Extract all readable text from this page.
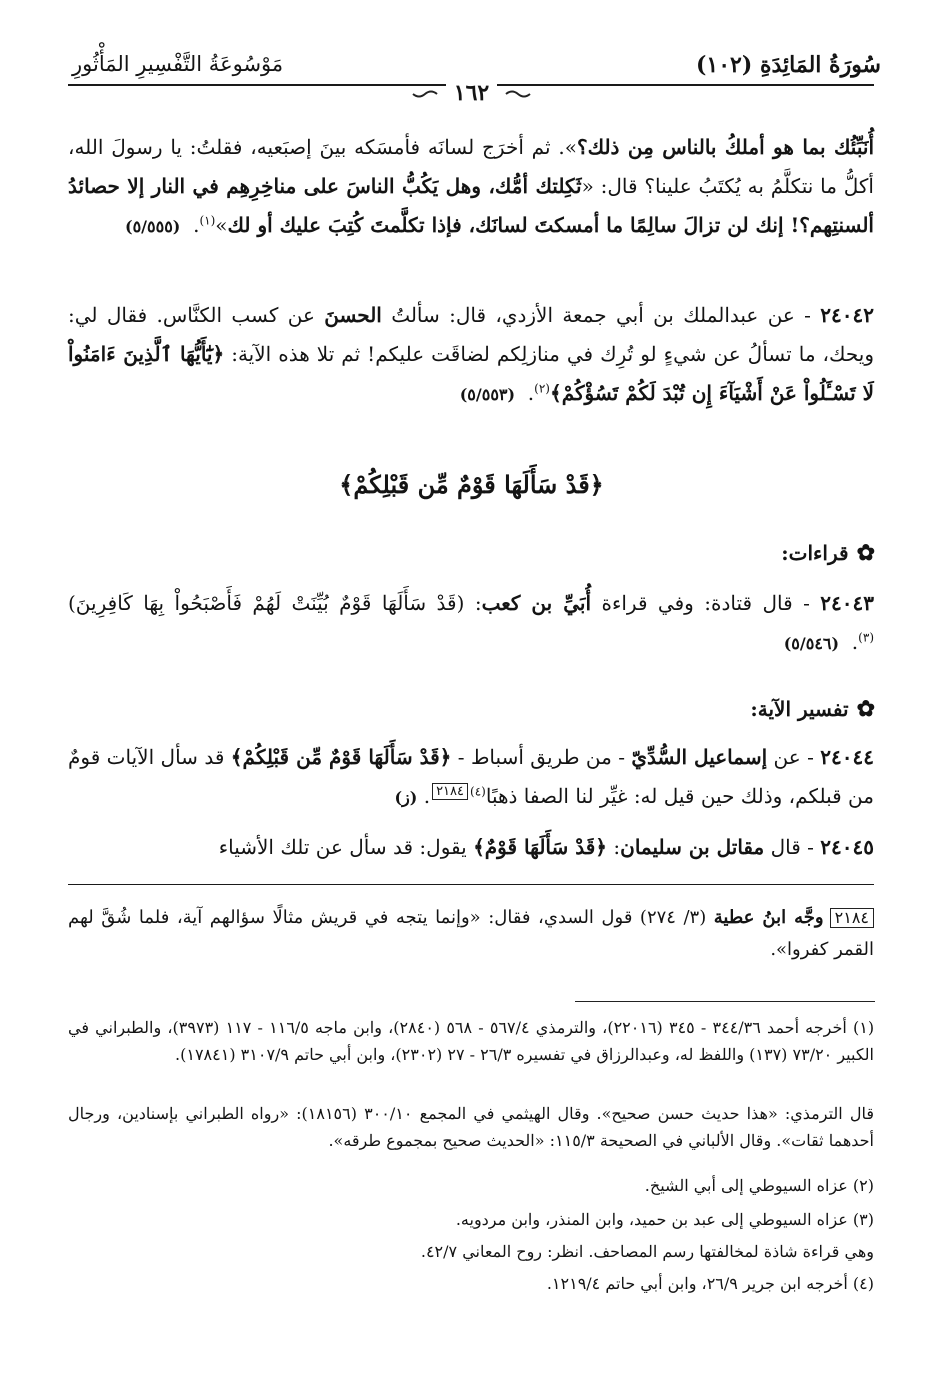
سُورَةُ المَائِدَةِ (١٠٢)
مَوْسُوعَةُ التَّفْسِيرِ المَأْثُورِ
١٦٢
أُنَبِّئُك بما هو أملكُ بالناس مِن ذلك؟». ثم أخرَج لسانَه فأمسَكه بينَ إصبَعيه، فقلتُ: يا رسولَ الله، أكلُّ ما نتكلَّمُ به يُكتَبُ علينا؟ قال: «ثَكِلتك أمُّك، وهل يَكُبُّ الناسَ على مناخِرِهِم في النار إلا حصائدُ ألسنتِهم؟! إنك لن تزالَ سالِمًا ما أمسكتَ لسانَك، فإذا تكلَّمتَ كُتِبَ عليك أو لك»$^{(١)}$.  (٥/٥٥٥)
٢٤٠٤٢ - عن عبدالملك بن أبي جمعة الأزدي، قال: سألتُ الحسنَ عن كسب الكنَّاس. فقال لي: ويحك، ما تسألُ عن شيءٍ لو تُرِك في منازلِكم لضاقَت عليكم! ثم تلا هذه الآية: ﴿يَٰٓأَيُّهَا ٱلَّذِينَ ءَامَنُواْ لَا تَسْـَٔلُواْ عَنْ أَشْيَآءَ إِن تُبْدَ لَكُمْ تَسُؤْكُمْ﴾$^{(٢)}$.  (٥/٥٥٣)
﴿قَدْ سَأَلَهَا قَوْمٌ مِّن قَبْلِكُمْ﴾
✿قراءات:
٢٤٠٤٣ - قال قتادة: وفي قراءة أُبَيِّ بن كعب: (قَدْ سَأَلَهَا قَوْمٌ بُيِّنَتْ لَهُمْ فَأَصْبَحُواْ بِهَا كَافِرِينَ)$^{(٣)}$.  (٥/٥٤٦)
✿تفسير الآية:
٢٤٠٤٤ - عن إسماعيل السُّدِّيّ - من طريق أسباط - ﴿قَدْ سَأَلَهَا قَوْمٌ مِّن قَبْلِكُمْ﴾ قد سأل الآيات قومٌ من قبلكم، وذلك حين قيل له: غيِّر لنا الصفا ذهبًا$^{(٤)}$٢١٨٤. (ز)
٢٤٠٤٥ - قال مقاتل بن سليمان: ﴿قَدْ سَأَلَهَا قَوْمٌ﴾ يقول: قد سأل عن تلك الأشياء
٢١٨٤وجَّه ابنُ عطية (٣/ ٢٧٤) قول السدي، فقال: «وإنما يتجه في قريش مثالًا سؤالهم آية، فلما شُقَّ لهم القمر كفروا».
(١) أخرجه أحمد ٣٤٤/٣٦ - ٣٤٥ (٢٢٠١٦)، والترمذي ٥٦٧/٤ - ٥٦٨ (٢٨٤٠)، وابن ماجه ١١٦/٥ - ١١٧ (٣٩٧٣)، والطبراني في الكبير ٧٣/٢٠ (١٣٧) واللفظ له، وعبدالرزاق في تفسيره ٢٦/٣ - ٢٧ (٢٣٠٢)، وابن أبي حاتم ٣١٠٧/٩ (١٧٨٤١).
قال الترمذي: «هذا حديث حسن صحيح». وقال الهيثمي في المجمع ٣٠٠/١٠ (١٨١٥٦): «رواه الطبراني بإسنادين، ورجال أحدهما ثقات». وقال الألباني في الصحيحة ١١٥/٣: «الحديث صحيح بمجموع طرقه».
(٢) عزاه السيوطي إلى أبي الشيخ.
(٣) عزاه السيوطي إلى عبد بن حميد، وابن المنذر، وابن مردويه.
وهي قراءة شاذة لمخالفتها رسم المصاحف. انظر: روح المعاني ٤٢/٧.
(٤) أخرجه ابن جرير ٢٦/٩، وابن أبي حاتم ١٢١٩/٤.
